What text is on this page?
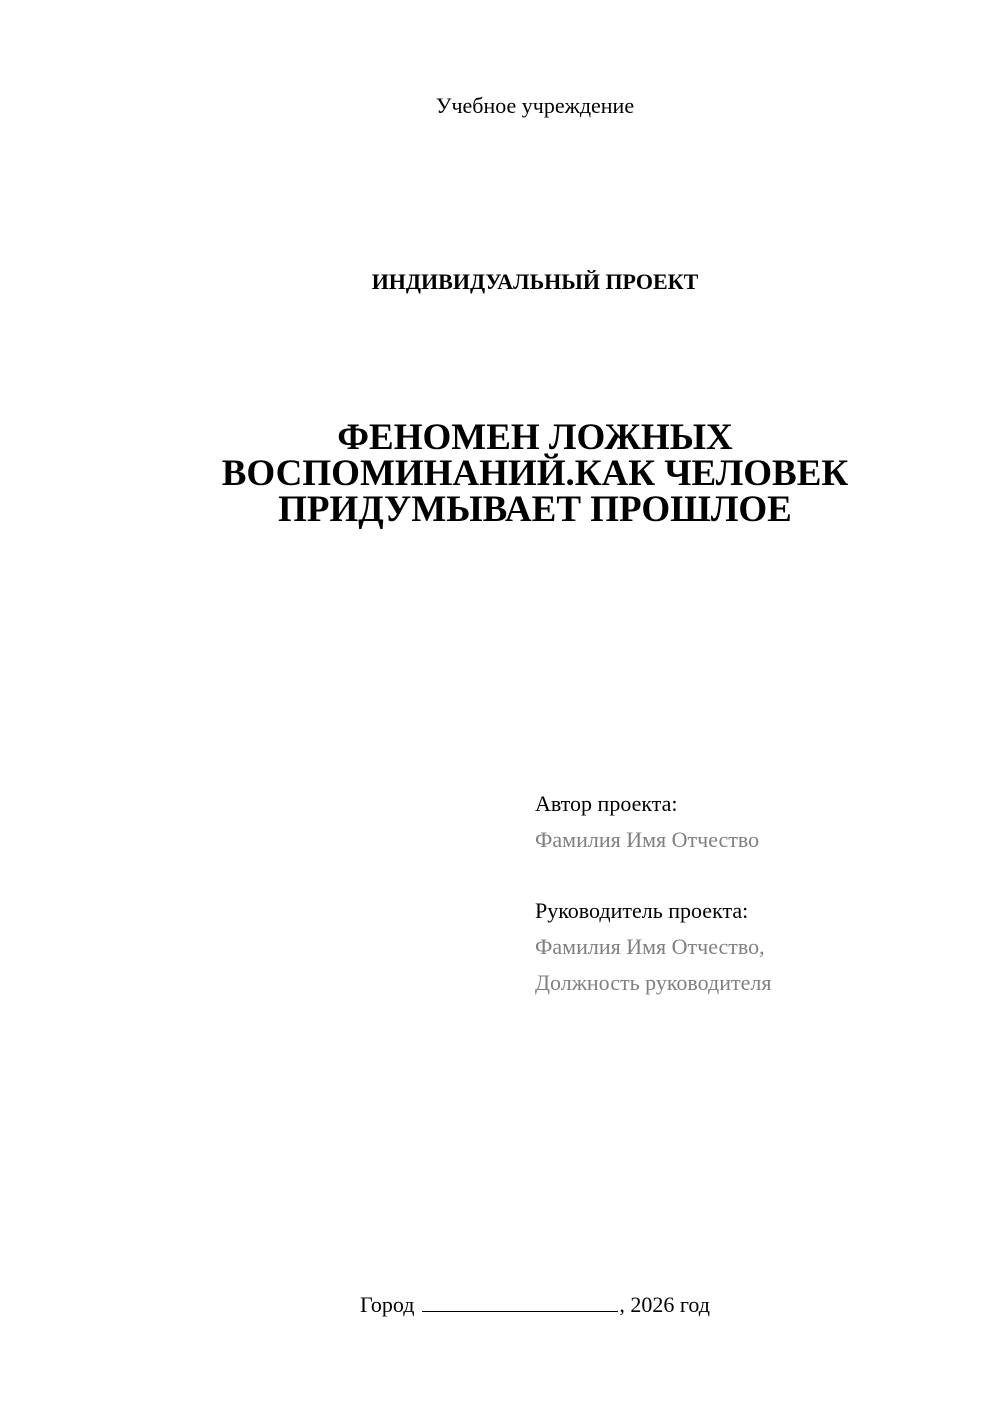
Учебное учреждение
ИНДИВИДУАЛЬНЫЙ ПРОЕКТ
ФЕНОМЕН ЛОЖНЫХ
ВОСПОМИНАНИЙ.КАК ЧЕЛОВЕК
ПРИДУМЫВАЕТ ПРОШЛОЕ
Автор проекта:
Фамилия Имя Отчество
Руководитель проекта:
Фамилия Имя Отчество,
Должность руководителя
Город	, 2026 год
